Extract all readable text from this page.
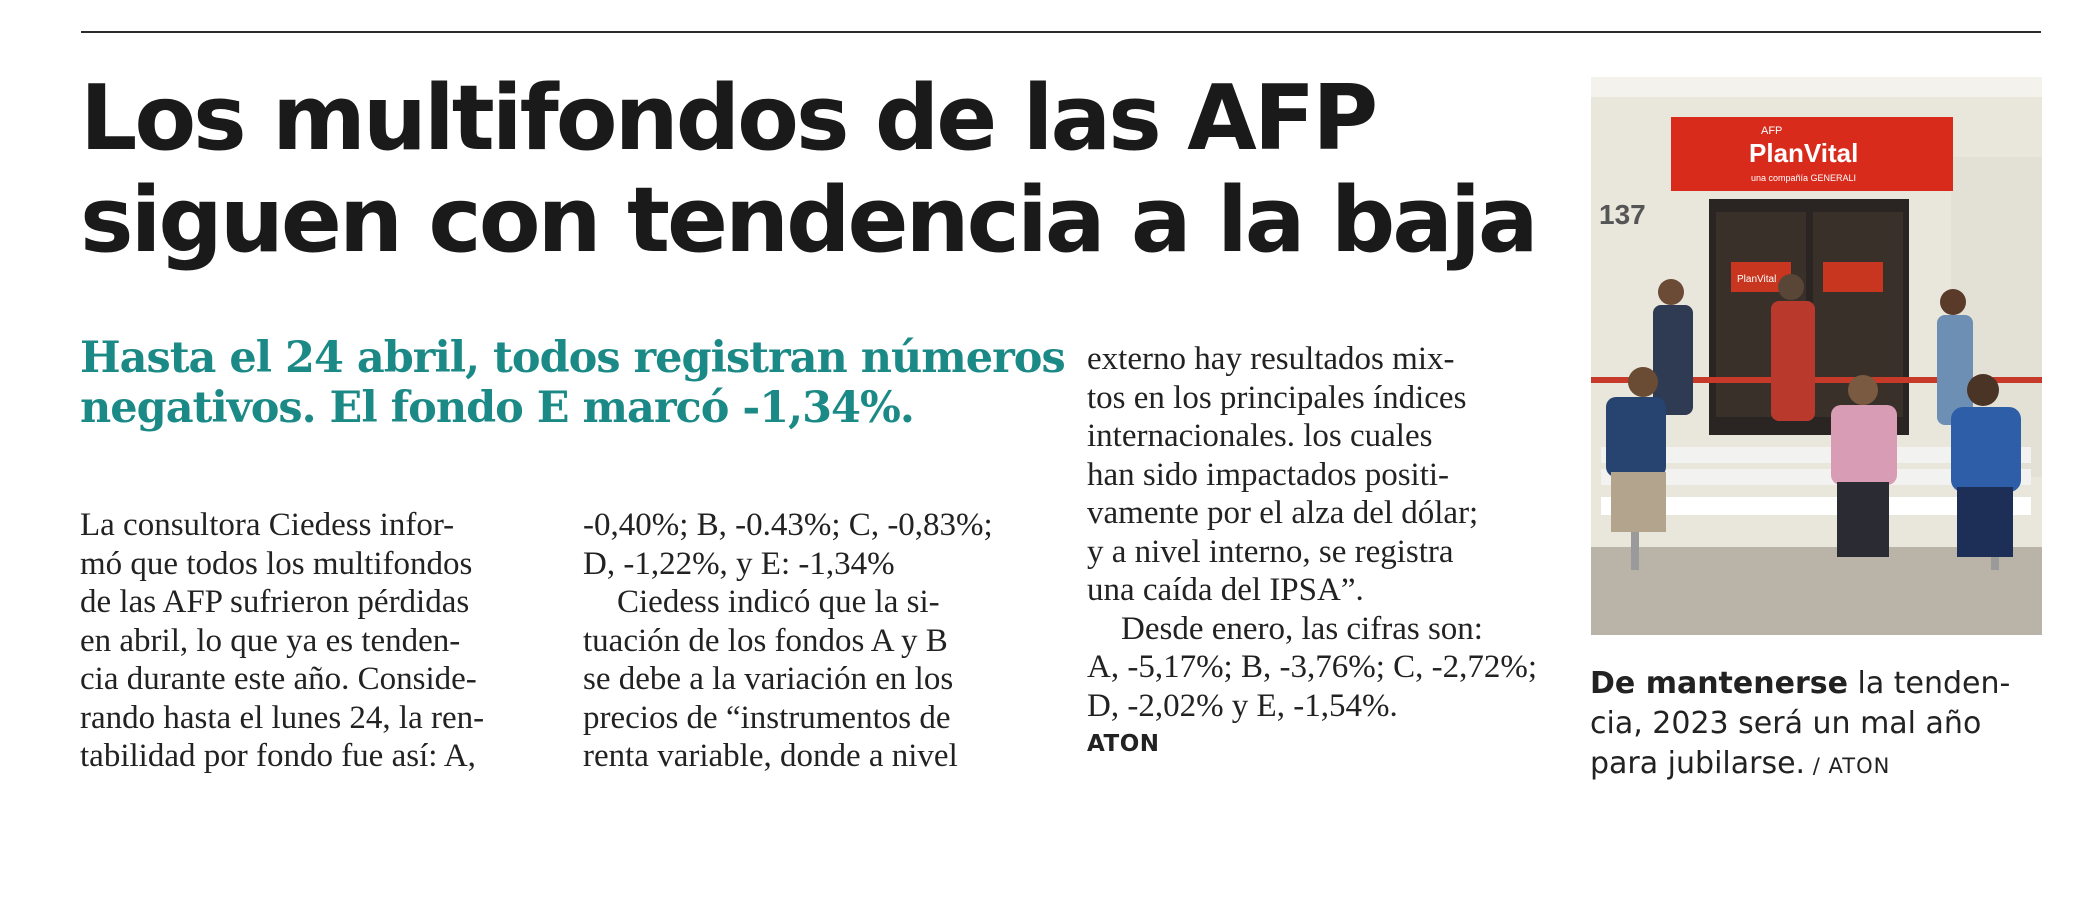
Los multifondos de las AFP
siguen con tendencia a la baja
Hasta el 24 abril, todos registran números
negativos. El fondo E marcó -1,34%.
La consultora Ciedess infor-
mó que todos los multifondos
de las AFP sufrieron pérdidas
en abril, lo que ya es tenden-
cia durante este año. Conside-
rando hasta el lunes 24, la ren-
tabilidad por fondo fue así: A,
-0,40%; B, -0.43%; C, -0,83%;
D, -1,22%, y E: -1,34%
Ciedess indicó que la si-
tuación de los fondos A y B
se debe a la variación en los
precios de “instrumentos de
renta variable, donde a nivel
externo hay resultados mix-
tos en los principales índices
internacionales. los cuales
han sido impactados positi-
vamente por el alza del dólar;
y a nivel interno, se registra
una caída del IPSA”.
Desde enero, las cifras son:
A, -5,17%; B, -3,76%; C, -2,72%;
D, -2,02% y E, -1,54%.
ATON
AFP
PlanVital
una compañía GENERALI
137
PlanVital
De mantenerse la tenden-
cia, 2023 será un mal año
para jubilarse. / ATON
